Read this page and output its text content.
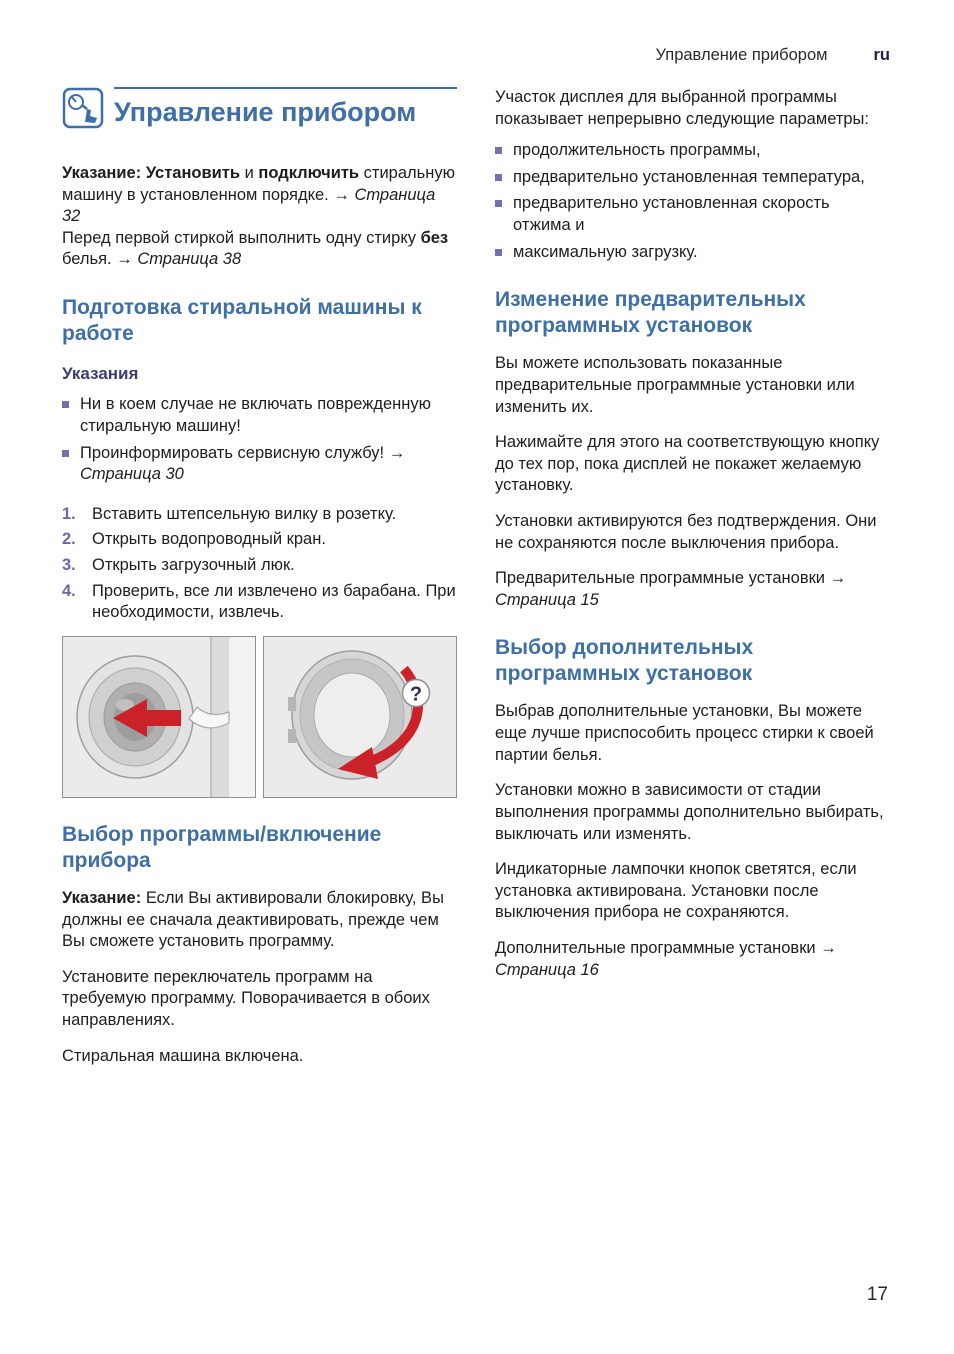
Управление прибором	ru
Управление прибором

Указание: Установить и подключить стиральную машину в установленном порядке. → Страница 32
Перед первой стиркой выполнить одну стирку без белья. → Страница 38

Подготовка стиральной машины к работе
Указания
Ни в коем случае не включать поврежденную стиральную машину!
Проинформировать сервисную службу! → Страница 30
1. Вставить штепсельную вилку в розетку.
2. Открыть водопроводный кран.
3. Открыть загрузочный люк.
4. Проверить, все ли извлечено из барабана. При необходимости, извлечь.
?
Выбор программы/включение прибора

Указание: Если Вы активировали блокировку, Вы должны ее сначала деактивировать, прежде чем Вы сможете установить программу.

Установите переключатель программ на требуемую программу. Поворачивается в обоих направлениях.

Стиральная машина включена.

Участок дисплея для выбранной программы показывает непрерывно следующие параметры:

продолжительность программы,
предварительно установленная температура,
предварительно установленная скорость отжима и
максимальную загрузку.
Изменение предварительных программных установок

Вы можете использовать показанные предварительные программные установки или изменить их.

Нажимайте для этого на соответствующую кнопку до тех пор, пока дисплей не покажет желаемую установку.

Установки активируются без подтверждения. Они не сохраняются после выключения прибора.

Предварительные программные установки → Страница 15

Выбор дополнительных программных установок

Выбрав дополнительные установки, Вы можете еще лучше приспособить процесс стирки к своей партии белья.

Установки можно в зависимости от стадии выполнения программы дополнительно выбирать, выключать или изменять.

Индикаторные лампочки кнопок светятся, если установка активирована. Установки после выключения прибора не сохраняются.

Дополнительные программные установки → Страница 16

17
